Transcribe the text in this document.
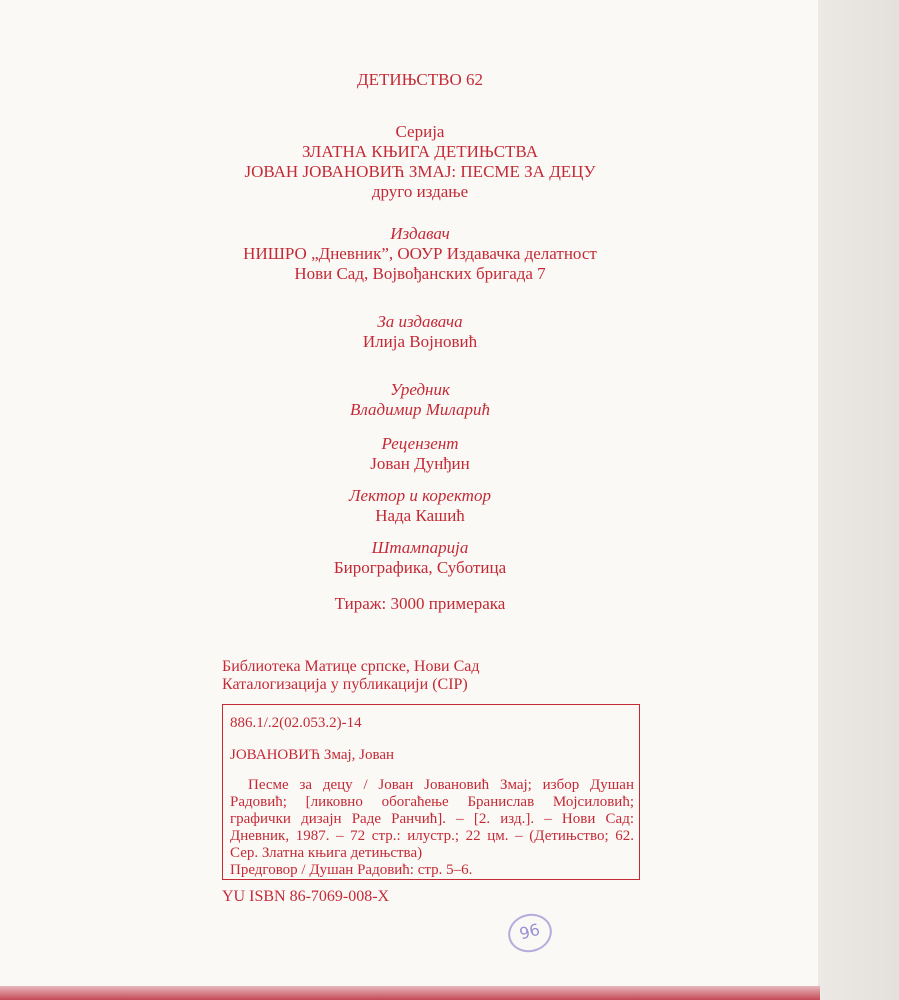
ДЕТИЊСТВО 62
Серија
ЗЛАТНА КЊИГА ДЕТИЊСТВА
ЈОВАН ЈОВАНОВИЋ ЗМАЈ: ПЕСМЕ ЗА ДЕЦУ
друго издање
Издавач
НИШРО „Дневник”, ООУР Издавачка делатност
Нови Сад, Војвођанских бригада 7
За издавача
Илија Војновић
Уредник
Владимир Миларић
Рецензент
Јован Дунђин
Лектор и коректор
Нада Кашић
Штампарија
Бирографика, Суботица
Тираж: 3000 примерака
Библиотека Матице српске, Нови Сад
Каталогизација у публикацији (CIP)
886.1/.2(02.053.2)-14
ЈОВАНОВИЋ Змај, Јован
Песме за децу / Јован Јовановић Змај; избор Душан Радовић; [ликовно обогаћење Бранислав Мојсиловић; графички дизајн Раде Ранчић]. – [2. изд.]. – Нови Сад: Дневник, 1987. – 72 стр.: илустр.; 22 цм. – (Детињство; 62. Сер. Златна књига детињства)
Предговор / Душан Радовић: стр. 5–6.
YU ISBN 86-7069-008-X
96
